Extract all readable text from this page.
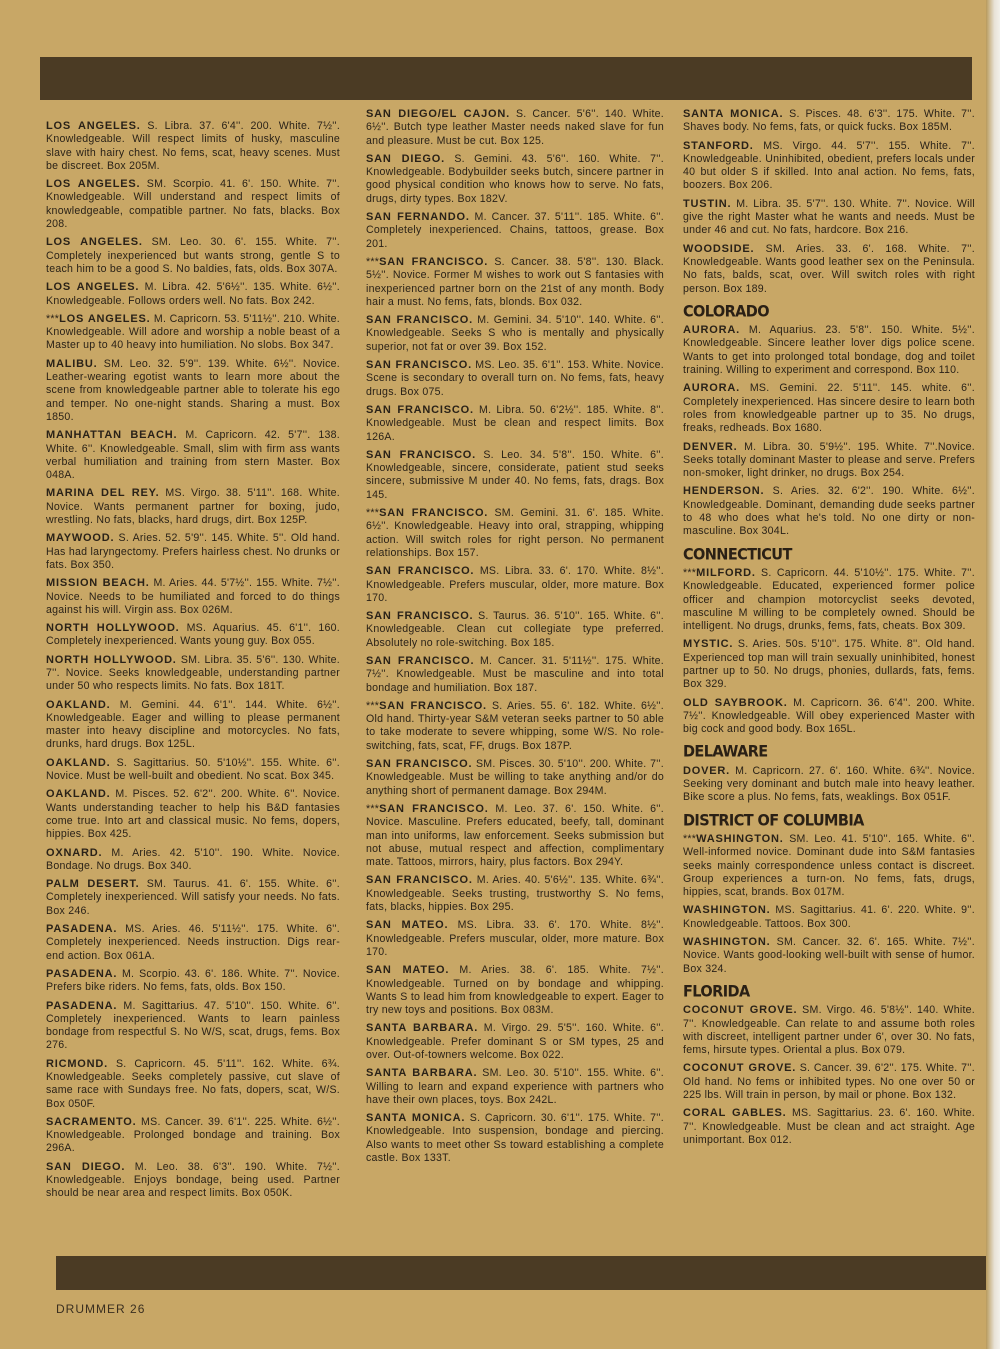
LOS ANGELES. S. Libra. 37. 6'4''. 200. White. 7½''. Knowledgeable. Will respect limits of husky, masculine slave with hairy chest. No fems, scat, heavy scenes. Must be discreet. Box 205M.
LOS ANGELES. SM. Scorpio. 41. 6'. 150. White. 7''. Knowledgeable. Will understand and respect limits of knowledgeable, compatible partner. No fats, blacks. Box 208.
LOS ANGELES. SM. Leo. 30. 6'. 155. White. 7''. Completely inexperienced but wants strong, gentle S to teach him to be a good S. No baldies, fats, olds. Box 307A.
LOS ANGELES. M. Libra. 42. 5'6½''. 135. White. 6½''. Knowledgeable. Follows orders well. No fats. Box 242.
***LOS ANGELES. M. Capricorn. 53. 5'11½''. 210. White. Knowledgeable. Will adore and worship a noble beast of a Master up to 40 heavy into humiliation. No slobs. Box 347.
MALIBU. SM. Leo. 32. 5'9''. 139. White. 6½''. Novice. Leather-wearing egotist wants to learn more about the scene from knowledgeable partner able to tolerate his ego and temper. No one-night stands. Sharing a must. Box 1850.
MANHATTAN BEACH. M. Capricorn. 42. 5'7''. 138. White. 6''. Knowledgeable. Small, slim with firm ass wants verbal humiliation and training from stern Master. Box 048A.
MARINA DEL REY. MS. Virgo. 38. 5'11''. 168. White. Novice. Wants permanent partner for boxing, judo, wrestling. No fats, blacks, hard drugs, dirt. Box 125P.
MAYWOOD. S. Aries. 52. 5'9''. 145. White. 5''. Old hand. Has had laryngectomy. Prefers hairless chest. No drunks or fats. Box 350.
MISSION BEACH. M. Aries. 44. 5'7½''. 155. White. 7½''. Novice. Needs to be humiliated and forced to do things against his will. Virgin ass. Box 026M.
NORTH HOLLYWOOD. MS. Aquarius. 45. 6'1''. 160. Completely inexperienced. Wants young guy. Box 055.
NORTH HOLLYWOOD. SM. Libra. 35. 5'6''. 130. White. 7''. Novice. Seeks knowledgeable, understanding partner under 50 who respects limits. No fats. Box 181T.
OAKLAND. M. Gemini. 44. 6'1''. 144. White. 6½''. Knowledgeable. Eager and willing to please permanent master into heavy discipline and motorcycles. No fats, drunks, hard drugs. Box 125L.
OAKLAND. S. Sagittarius. 50. 5'10½''. 155. White. 6''. Novice. Must be well-built and obedient. No scat. Box 345.
OAKLAND. M. Pisces. 52. 6'2''. 200. White. 6''. Novice. Wants understanding teacher to help his B&D fantasies come true. Into art and classical music. No fems, dopers, hippies. Box 425.
OXNARD. M. Aries. 42. 5'10''. 190. White. Novice. Bondage. No drugs. Box 340.
PALM DESERT. SM. Taurus. 41. 6'. 155. White. 6''. Completely inexperienced. Will satisfy your needs. No fats. Box 246.
PASADENA. MS. Aries. 46. 5'11½''. 175. White. 6''. Completely inexperienced. Needs instruction. Digs rear-end action. Box 061A.
PASADENA. M. Scorpio. 43. 6'. 186. White. 7''. Novice. Prefers bike riders. No fems, fats, olds. Box 150.
PASADENA. M. Sagittarius. 47. 5'10''. 150. White. 6''. Completely inexperienced. Wants to learn painless bondage from respectful S. No W/S, scat, drugs, fems. Box 276.
RICMOND. S. Capricorn. 45. 5'11''. 162. White. 6¾. Knowledgeable. Seeks completely passive, cut slave of same race with Sundays free. No fats, dopers, scat, W/S. Box 050F.
SACRAMENTO. MS. Cancer. 39. 6'1''. 225. White. 6½''. Knowledgeable. Prolonged bondage and training. Box 296A.
SAN DIEGO. M. Leo. 38. 6'3''. 190. White. 7½''. Knowledgeable. Enjoys bondage, being used. Partner should be near area and respect limits. Box 050K.
SAN DIEGO/EL CAJON. S. Cancer. 5'6''. 140. White. 6½''. Butch type leather Master needs naked slave for fun and pleasure. Must be cut. Box 125.
SAN DIEGO. S. Gemini. 43. 5'6''. 160. White. 7''. Knowledgeable. Bodybuilder seeks butch, sincere partner in good physical condition who knows how to serve. No fats, drugs, dirty types. Box 182V.
SAN FERNANDO. M. Cancer. 37. 5'11''. 185. White. 6''. Completely inexperienced. Chains, tattoos, grease. Box 201.
***SAN FRANCISCO. S. Cancer. 38. 5'8''. 130. Black. 5½''. Novice. Former M wishes to work out S fantasies with inexperienced partner born on the 21st of any month. Body hair a must. No fems, fats, blonds. Box 032.
SAN FRANCISCO. M. Gemini. 34. 5'10''. 140. White. 6''. Knowledgeable. Seeks S who is mentally and physically superior, not fat or over 39. Box 152.
SAN FRANCISCO. MS. Leo. 35. 6'1''. 153. White. Novice. Scene is secondary to overall turn on. No fems, fats, heavy drugs. Box 075.
SAN FRANCISCO. M. Libra. 50. 6'2½''. 185. White. 8''. Knowledgeable. Must be clean and respect limits. Box 126A.
SAN FRANCISCO. S. Leo. 34. 5'8''. 150. White. 6''. Knowledgeable, sincere, considerate, patient stud seeks sincere, submissive M under 40. No fems, fats, drags. Box 145.
***SAN FRANCISCO. SM. Gemini. 31. 6'. 185. White. 6½''. Knowledgeable. Heavy into oral, strapping, whipping action. Will switch roles for right person. No permanent relationships. Box 157.
SAN FRANCISCO. MS. Libra. 33. 6'. 170. White. 8½''. Knowledgeable. Prefers muscular, older, more mature. Box 170.
SAN FRANCISCO. S. Taurus. 36. 5'10''. 165. White. 6''. Knowledgeable. Clean cut collegiate type preferred. Absolutely no role-switching. Box 185.
SAN FRANCISCO. M. Cancer. 31. 5'11½''. 175. White. 7½''. Knowledgeable. Must be masculine and into total bondage and humiliation. Box 187.
***SAN FRANCISCO. S. Aries. 55. 6'. 182. White. 6½''. Old hand. Thirty-year S&M veteran seeks partner to 50 able to take moderate to severe whipping, some W/S. No role-switching, fats, scat, FF, drugs. Box 187P.
SAN FRANCISCO. SM. Pisces. 30. 5'10''. 200. White. 7''. Knowledgeable. Must be willing to take anything and/or do anything short of permanent damage. Box 294M.
***SAN FRANCISCO. M. Leo. 37. 6'. 150. White. 6''. Novice. Masculine. Prefers educated, beefy, tall, dominant man into uniforms, law enforcement. Seeks submission but not abuse, mutual respect and affection, complimentary mate. Tattoos, mirrors, hairy, plus factors. Box 294Y.
SAN FRANCISCO. M. Aries. 40. 5'6½''. 135. White. 6¾''. Knowledgeable. Seeks trusting, trustworthy S. No fems, fats, blacks, hippies. Box 295.
SAN MATEO. MS. Libra. 33. 6'. 170. White. 8½''. Knowledgeable. Prefers muscular, older, more mature. Box 170.
SAN MATEO. M. Aries. 38. 6'. 185. White. 7½''. Knowledgeable. Turned on by bondage and whipping. Wants S to lead him from knowledgeable to expert. Eager to try new toys and positions. Box 083M.
SANTA BARBARA. M. Virgo. 29. 5'5''. 160. White. 6''. Knowledgeable. Prefer dominant S or SM types, 25 and over. Out-of-towners welcome. Box 022.
SANTA BARBARA. SM. Leo. 30. 5'10''. 155. White. 6''. Willing to learn and expand experience with partners who have their own places, toys. Box 242L.
SANTA MONICA. S. Capricorn. 30. 6'1''. 175. White. 7''. Knowledgeable. Into suspension, bondage and piercing. Also wants to meet other Ss toward establishing a complete castle. Box 133T.
SANTA MONICA. S. Pisces. 48. 6'3''. 175. White. 7''. Shaves body. No fems, fats, or quick fucks. Box 185M.
STANFORD. MS. Virgo. 44. 5'7''. 155. White. 7''. Knowledgeable. Uninhibited, obedient, prefers locals under 40 but older S if skilled. Into anal action. No fems, fats, boozers. Box 206.
TUSTIN. M. Libra. 35. 5'7''. 130. White. 7''. Novice. Will give the right Master what he wants and needs. Must be under 46 and cut. No fats, hardcore. Box 216.
WOODSIDE. SM. Aries. 33. 6'. 168. White. 7''. Knowledgeable. Wants good leather sex on the Peninsula. No fats, balds, scat, over. Will switch roles with right person. Box 189.
COLORADO
AURORA. M. Aquarius. 23. 5'8''. 150. White. 5½''. Knowledgeable. Sincere leather lover digs police scene. Wants to get into prolonged total bondage, dog and toilet training. Willing to experiment and correspond. Box 110.
AURORA. MS. Gemini. 22. 5'11''. 145. white. 6''. Completely inexperienced. Has sincere desire to learn both roles from knowledgeable partner up to 35. No drugs, freaks, redheads. Box 1680.
DENVER. M. Libra. 30. 5'9½''. 195. White. 7''.Novice. Seeks totally dominant Master to please and serve. Prefers non-smoker, light drinker, no drugs. Box 254.
HENDERSON. S. Aries. 32. 6'2''. 190. White. 6½''. Knowledgeable. Dominant, demanding dude seeks partner to 48 who does what he's told. No one dirty or non-masculine. Box 304L.
CONNECTICUT
***MILFORD. S. Capricorn. 44. 5'10½''. 175. White. 7''. Knowledgeable. Educated, experienced former police officer and champion motorcyclist seeks devoted, masculine M willing to be completely owned. Should be intelligent. No drugs, drunks, fems, fats, cheats. Box 309.
MYSTIC. S. Aries. 50s. 5'10''. 175. White. 8''. Old hand. Experienced top man will train sexually uninhibited, honest partner up to 50. No drugs, phonies, dullards, fats, fems. Box 329.
OLD SAYBROOK. M. Capricorn. 36. 6'4''. 200. White. 7½''. Knowledgeable. Will obey experienced Master with big cock and good body. Box 165L.
DELAWARE
DOVER. M. Capricorn. 27. 6'. 160. White. 6¾''. Novice. Seeking very dominant and butch male into heavy leather. Bike score a plus. No fems, fats, weaklings. Box 051F.
DISTRICT OF COLUMBIA
***WASHINGTON. SM. Leo. 41. 5'10''. 165. White. 6''. Well-informed novice. Dominant dude into S&M fantasies seeks mainly correspondence unless contact is discreet. Group experiences a turn-on. No fems, fats, drugs, hippies, scat, brands. Box 017M.
WASHINGTON. MS. Sagittarius. 41. 6'. 220. White. 9''. Knowledgeable. Tattoos. Box 300.
WASHINGTON. SM. Cancer. 32. 6'. 165. White. 7½''. Novice. Wants good-looking well-built with sense of humor. Box 324.
FLORIDA
COCONUT GROVE. SM. Virgo. 46. 5'8½''. 140. White. 7''. Knowledgeable. Can relate to and assume both roles with discreet, intelligent partner under 6', over 30. No fats, fems, hirsute types. Oriental a plus. Box 079.
COCONUT GROVE. S. Cancer. 39. 6'2''. 175. White. 7''. Old hand. No fems or inhibited types. No one over 50 or 225 lbs. Will train in person, by mail or phone. Box 132.
CORAL GABLES. MS. Sagittarius. 23. 6'. 160. White. 7''. Knowledgeable. Must be clean and act straight. Age unimportant. Box 012.
DRUMMER 26
